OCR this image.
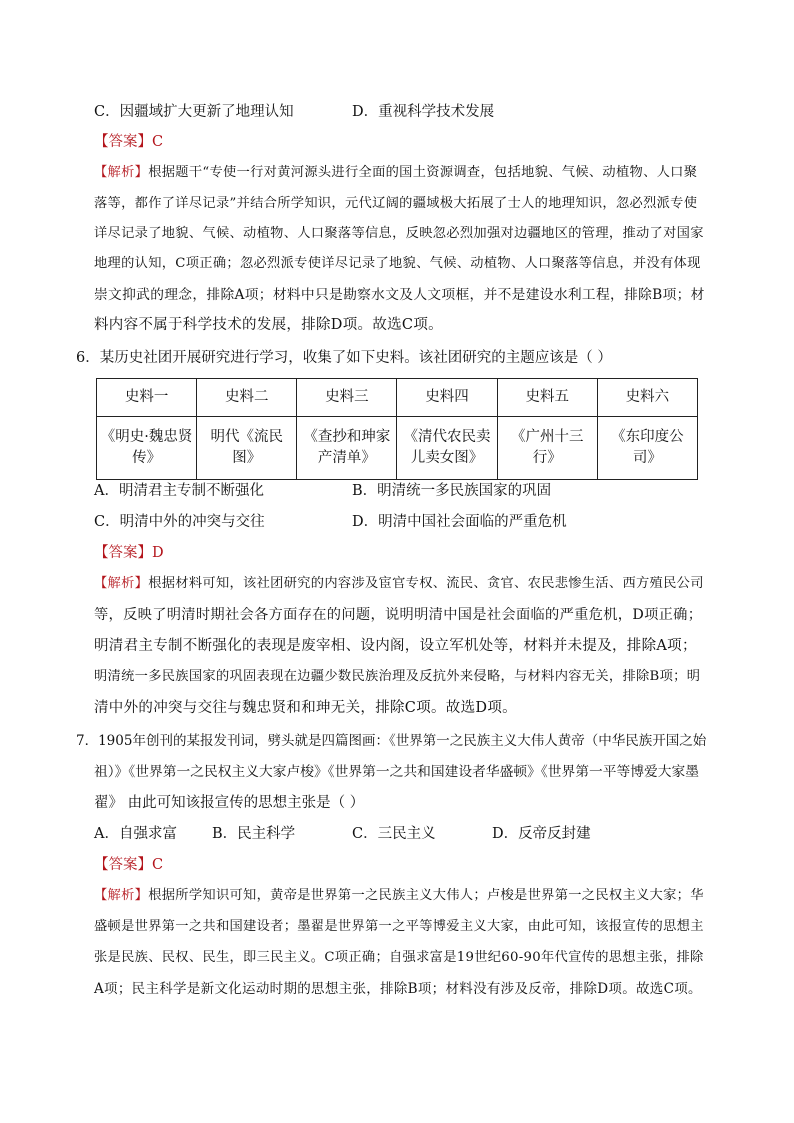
C．因疆域扩大更新了地理认知	D．重视科学技术发展
【答案】C
【解析】根据题干“专使一行对黄河源头进行全面的国土资源调查，包括地貌、气候、动植物、人口聚
落等，都作了详尽记录”并结合所学知识，元代辽阔的疆域极大拓展了士人的地理知识，忽必烈派专使
详尽记录了地貌、气候、动植物、人口聚落等信息，反映忽必烈加强对边疆地区的管理，推动了对国家
地理的认知，C项正确；忽必烈派专使详尽记录了地貌、气候、动植物、人口聚落等信息，并没有体现
崇文抑武的理念，排除A项；材料中只是勘察水文及人文项框，并不是建设水利工程，排除B项；材
料内容不属于科学技术的发展，排除D项。故选C项。
6．某历史社团开展研究进行学习，收集了如下史料。该社团研究的主题应该是（ ）
史料一	史料二	史料三	史料四	史料五	史料六
《明史·魏忠贤传》	明代《流民图》	《查抄和珅家产清单》	《清代农民卖儿卖女图》	《广州十三行》	《东印度公司》
A．明清君主专制不断强化	B．明清统一多民族国家的巩固
C．明清中外的冲突与交往	D．明清中国社会面临的严重危机
【答案】D
【解析】根据材料可知，该社团研究的内容涉及宦官专权、流民、贪官、农民悲惨生活、西方殖民公司
等，反映了明清时期社会各方面存在的问题，说明明清中国是社会面临的严重危机，D项正确；
明清君主专制不断强化的表现是废宰相、设内阁，设立军机处等，材料并未提及，排除A项；
明清统一多民族国家的巩固表现在边疆少数民族治理及反抗外来侵略，与材料内容无关，排除B项；明
清中外的冲突与交往与魏忠贤和和珅无关，排除C项。故选D项。
7．1905年创刊的某报发刊词，劈头就是四篇图画：《世界第一之民族主义大伟人黄帝（中华民族开国之始
祖）》《世界第一之民权主义大家卢梭》《世界第一之共和国建设者华盛顿》《世界第一平等博爱大家墨
翟》 由此可知该报宣传的思想主张是（ ）
A．自强求富 B．民主科学	C．三民主义	D．反帝反封建
【答案】C
【解析】根据所学知识可知，黄帝是世界第一之民族主义大伟人；卢梭是世界第一之民权主义大家；华
盛顿是世界第一之共和国建设者；墨翟是世界第一之平等博爱主义大家，由此可知，该报宣传的思想主
张是民族、民权、民生，即三民主义。C项正确；自强求富是19世纪60-90年代宣传的思想主张，排除
A项；民主科学是新文化运动时期的思想主张，排除B项；材料没有涉及反帝，排除D项。故选C项。
